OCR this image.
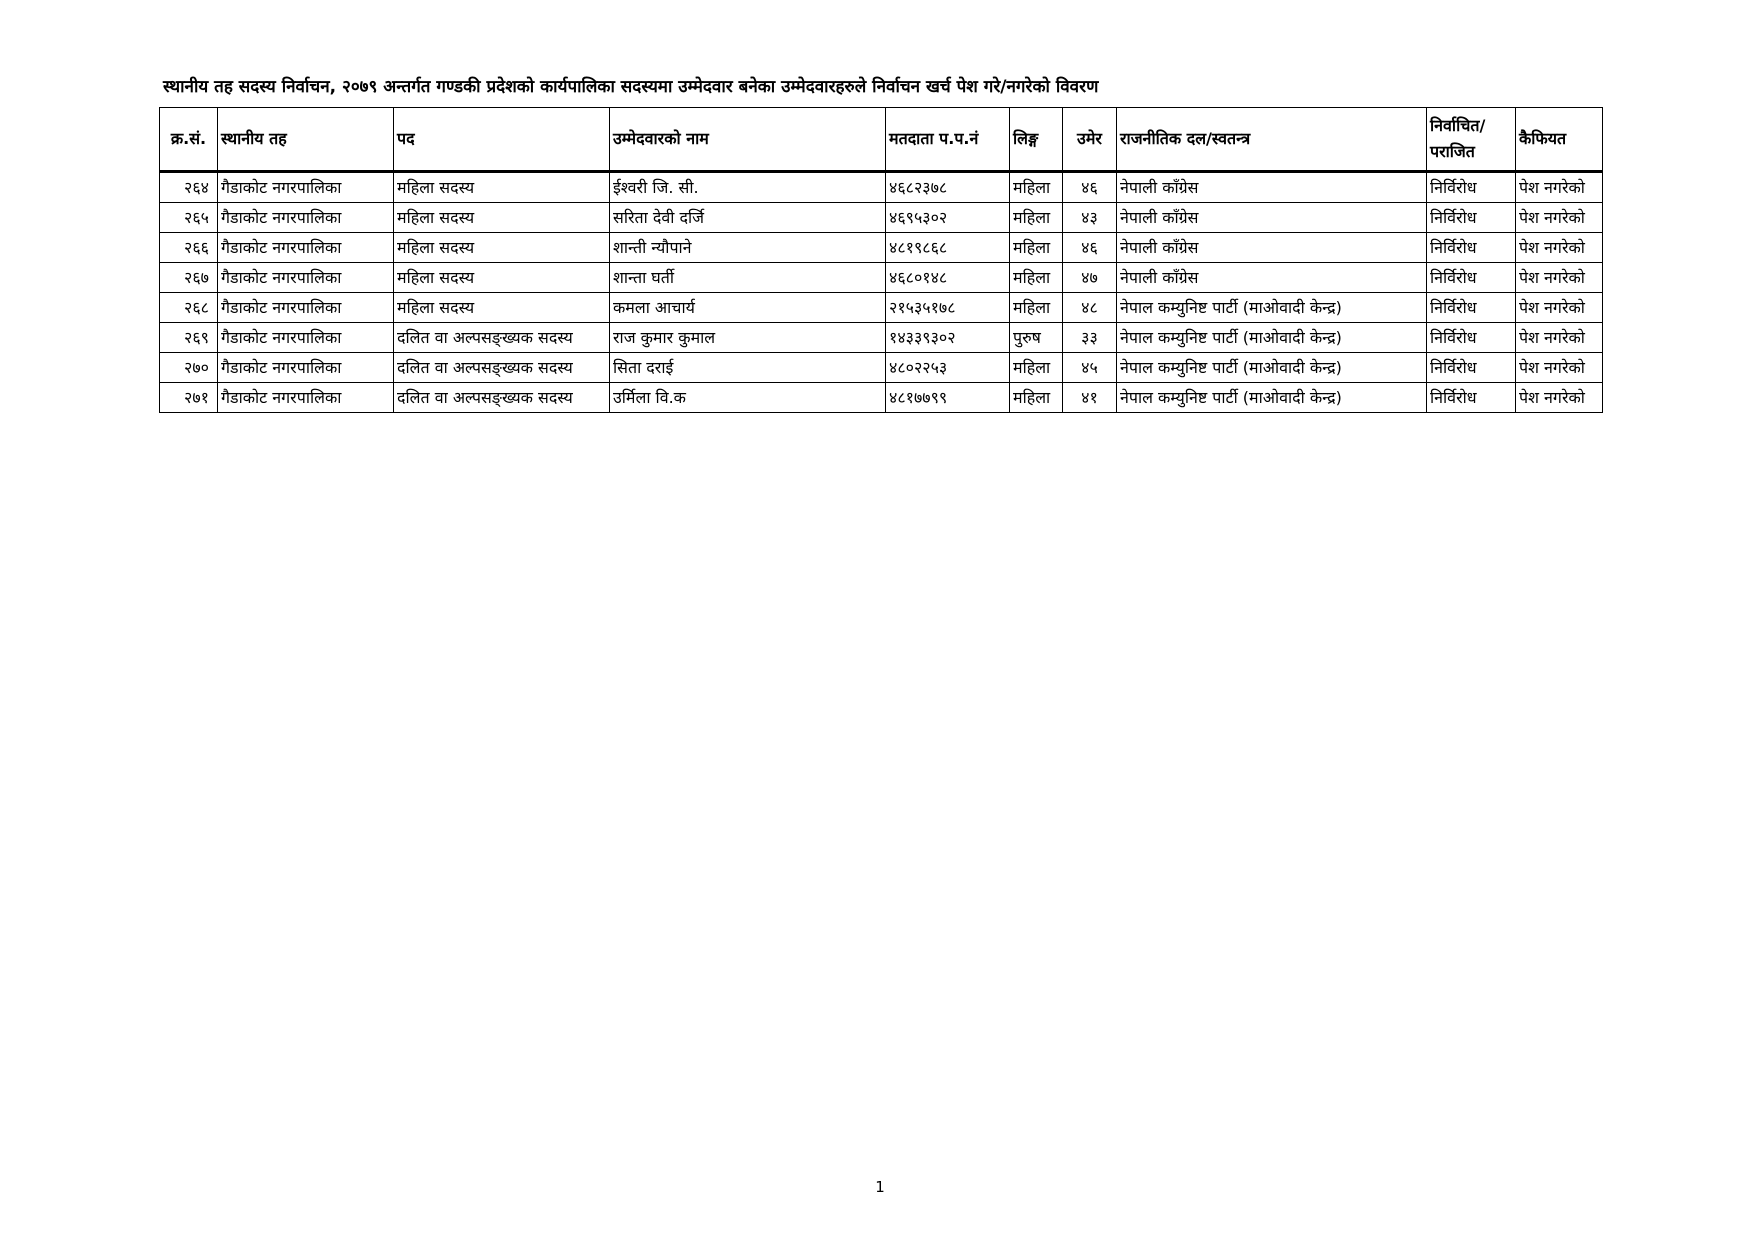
स्थानीय तह सदस्य निर्वाचन, २०७९ अन्तर्गत गण्डकी प्रदेशको कार्यपालिका सदस्यमा उम्मेदवार बनेका उम्मेदवारहरुले निर्वाचन खर्च पेश गरे/नगरेको विवरण
क्र.सं.	स्थानीय तह	पद	उम्मेदवारको नाम	मतदाता प.प.नं	लिङ्ग	उमेर	राजनीतिक दल/स्वतन्त्र	निर्वाचित/ पराजित	कैफियत
२६४	गैडाकोट नगरपालिका	महिला सदस्य	ईश्वरी जि. सी.	४६८२३७८	महिला	४६	नेपाली काँग्रेस	निर्विरोध	पेश नगरेको
२६५	गैडाकोट नगरपालिका	महिला सदस्य	सरिता देवी दर्जि	४६९५३०२	महिला	४३	नेपाली काँग्रेस	निर्विरोध	पेश नगरेको
२६६	गैडाकोट नगरपालिका	महिला सदस्य	शान्ती न्यौपाने	४८१९८६८	महिला	४६	नेपाली काँग्रेस	निर्विरोध	पेश नगरेको
२६७	गैडाकोट नगरपालिका	महिला सदस्य	शान्ता घर्ती	४६८०१४८	महिला	४७	नेपाली काँग्रेस	निर्विरोध	पेश नगरेको
२६८	गैडाकोट नगरपालिका	महिला सदस्य	कमला आचार्य	२१५३५१७८	महिला	४८	नेपाल कम्युनिष्ट पार्टी (माओवादी केन्द्र)	निर्विरोध	पेश नगरेको
२६९	गैडाकोट नगरपालिका	दलित वा अल्पसङ्ख्यक सदस्य	राज कुमार कुमाल	१४३३९३०२	पुरुष	३३	नेपाल कम्युनिष्ट पार्टी (माओवादी केन्द्र)	निर्विरोध	पेश नगरेको
२७०	गैडाकोट नगरपालिका	दलित वा अल्पसङ्ख्यक सदस्य	सिता दराई	४८०२२५३	महिला	४५	नेपाल कम्युनिष्ट पार्टी (माओवादी केन्द्र)	निर्विरोध	पेश नगरेको
२७१	गैडाकोट नगरपालिका	दलित वा अल्पसङ्ख्यक सदस्य	उर्मिला वि.क	४८१७७९९	महिला	४१	नेपाल कम्युनिष्ट पार्टी (माओवादी केन्द्र)	निर्विरोध	पेश नगरेको
1
